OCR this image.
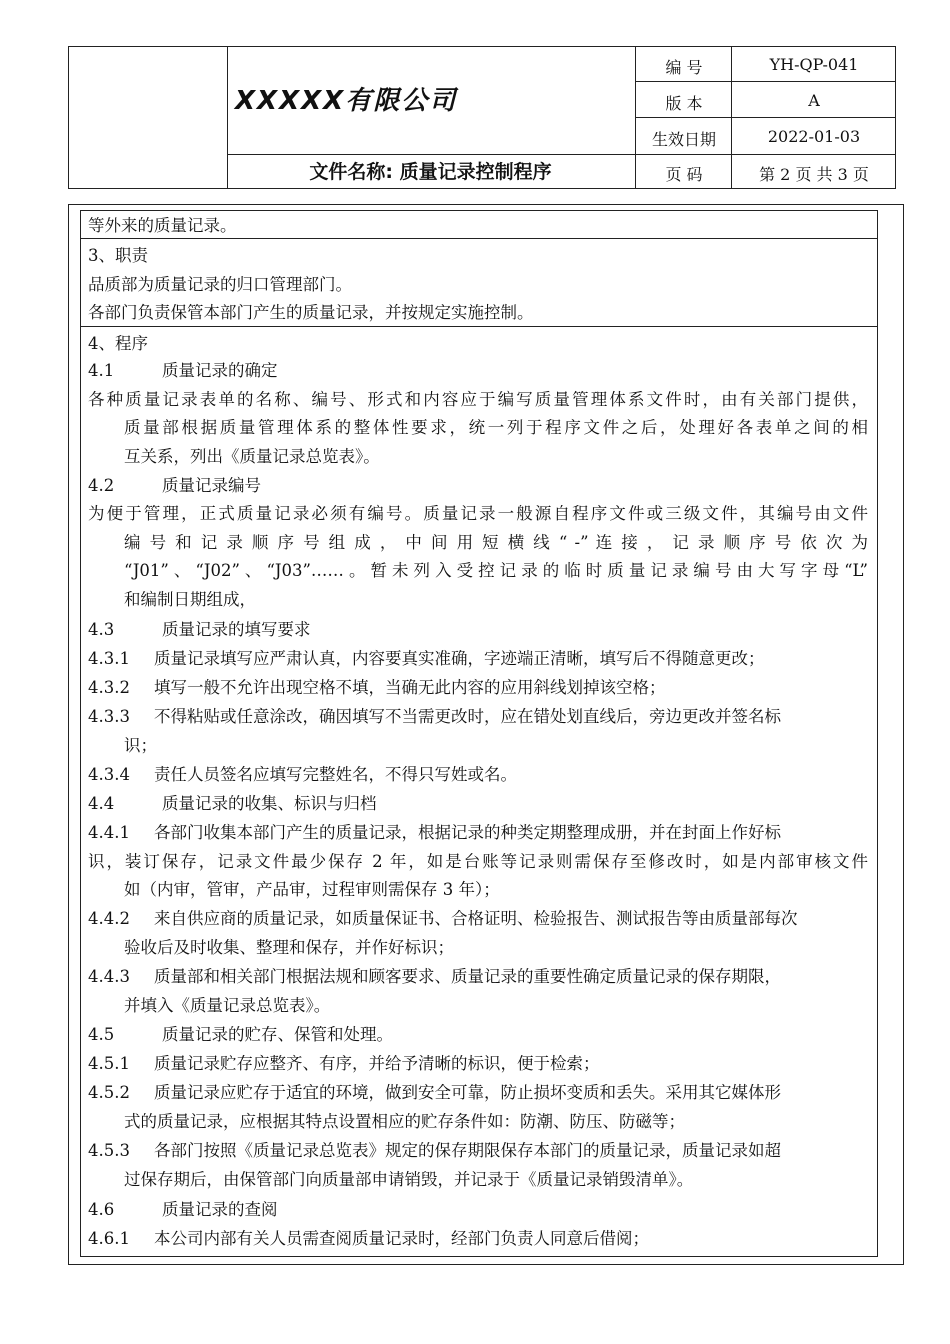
XXXXX有限公司
文件名称: 质量记录控制程序
编 号	YH-QP-041
版 本	A
生效日期	2022-01-03
页 码	第 2 页 共 3 页
等外来的质量记录。
3、职责
品质部为质量记录的归口管理部门。
各部门负责保管本部门产生的质量记录，并按规定实施控制。
4、程序
4.1	质量记录的确定
各种质量记录表单的名称、编号、形式和内容应于编写质量管理体系文件时，由有关部门提供，
质量部根据质量管理体系的整体性要求，统一列于程序文件之后，处理好各表单之间的相
互关系，列出《质量记录总览表》。
4.2	质量记录编号
为便于管理，正式质量记录必须有编号。质量记录一般源自程序文件或三级文件，其编号由文件
编 号 和 记 录 顺 序 号 组 成 ， 中 间 用 短 横 线 “ -” 连 接 ， 记 录 顺 序 号 依 次 为
“J01”、“J02”、“J03”……。暂未列入受控记录的临时质量记录编号由大写字母“L”
和编制日期组成，
4.3	质量记录的填写要求
4.3.1 质量记录填写应严肃认真，内容要真实准确，字迹端正清晰，填写后不得随意更改；
4.3.2 填写一般不允许出现空格不填，当确无此内容的应用斜线划掉该空格；
4.3.3 不得粘贴或任意涂改，确因填写不当需更改时，应在错处划直线后，旁边更改并签名标
识；
4.3.4 责任人员签名应填写完整姓名，不得只写姓或名。
4.4	质量记录的收集、标识与归档
4.4.1 各部门收集本部门产生的质量记录，根据记录的种类定期整理成册，并在封面上作好标
识，装订保存，记录文件最少保存 2 年，如是台账等记录则需保存至修改时，如是内部审核文件
如（内审，管审，产品审，过程审则需保存 3 年）；
4.4.2 来自供应商的质量记录，如质量保证书、合格证明、检验报告、测试报告等由质量部每次
验收后及时收集、整理和保存，并作好标识；
4.4.3 质量部和相关部门根据法规和顾客要求、质量记录的重要性确定质量记录的保存期限，
并填入《质量记录总览表》。
4.5	质量记录的贮存、保管和处理。
4.5.1 质量记录贮存应整齐、有序，并给予清晰的标识，便于检索；
4.5.2 质量记录应贮存于适宜的环境，做到安全可靠，防止损坏变质和丢失。采用其它媒体形
式的质量记录，应根据其特点设置相应的贮存条件如：防潮、防压、防磁等；
4.5.3 各部门按照《质量记录总览表》规定的保存期限保存本部门的质量记录，质量记录如超
过保存期后，由保管部门向质量部申请销毁，并记录于《质量记录销毁清单》。
4.6	质量记录的查阅
4.6.1 本公司内部有关人员需查阅质量记录时，经部门负责人同意后借阅；
